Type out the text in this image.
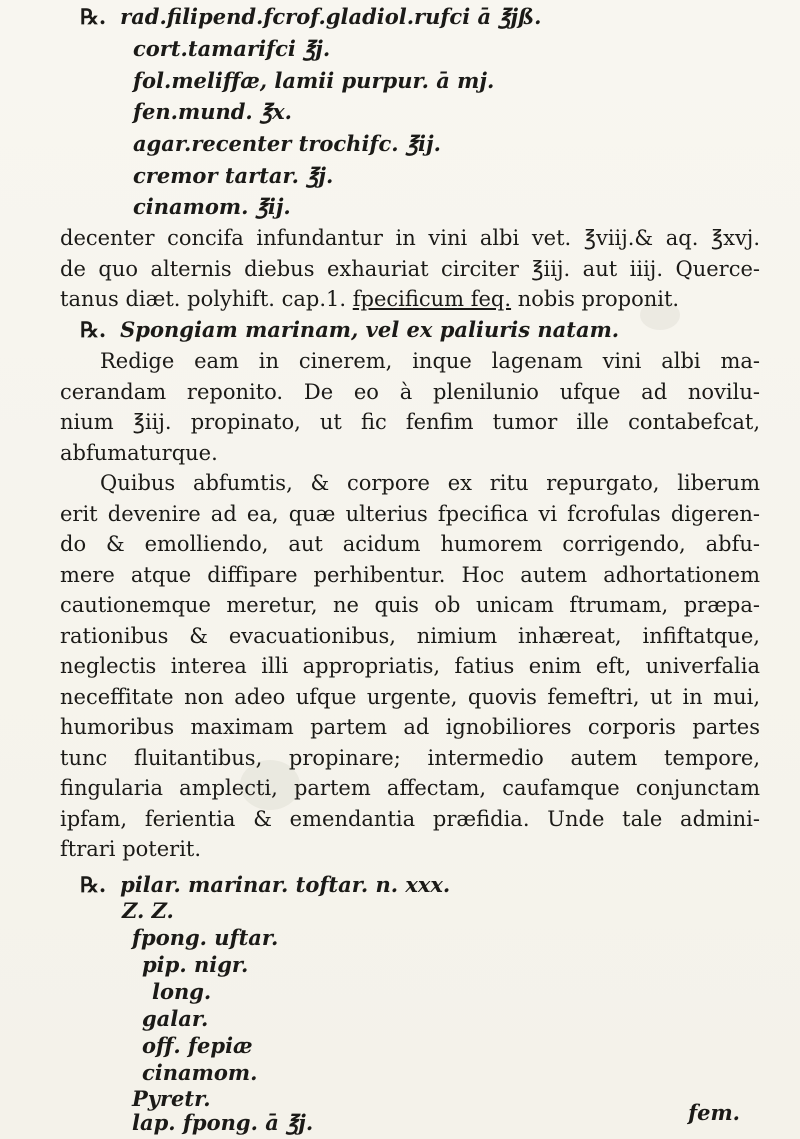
℞. rad.filipend.fcrof.gladiol.rufci ā ℥jß.
cort.tamarifci ℥j.
fol.meliffæ, lamii purpur. ā mj.
fen.mund. ℥x.
agar.recenter trochifc. ℥ij.
cremor tartar. ℥j.
cinamom. ℥ij.
decenter concifa infundantur in vini albi vet. ℥viij.& aq. ℥xvj.
de quo alternis diebus exhauriat circiter ℥iij. aut iiij. Querce-
tanus diæt. polyhift. cap.1. fpecificum feq. nobis proponit.
℞. Spongiam marinam, vel ex paliuris natam.
Redige eam in cinerem, inque lagenam vini albi ma-
cerandam reponito. De eo à plenilunio ufque ad novilu-
nium ℥iij. propinato, ut fic fenfim tumor ille contabefcat,
abfumaturque.
Quibus abfumtis, & corpore ex ritu repurgato, liberum
erit devenire ad ea, quæ ulterius fpecifica vi fcrofulas digeren-
do & emolliendo, aut acidum humorem corrigendo, abfu-
mere atque diffipare perhibentur. Hoc autem adhortationem
cautionemque meretur, ne quis ob unicam ftrumam, præpa-
rationibus & evacuationibus, nimium inhæreat, infiftatque,
neglectis interea illi appropriatis, fatius enim eft, univerfalia
neceffitate non adeo ufque urgente, quovis femeftri, ut in mui,
humoribus maximam partem ad ignobiliores corporis partes
tunc fluitantibus, propinare; intermedio autem tempore,
fingularia amplecti, partem affectam, caufamque conjunctam
ipfam, ferientia & emendantia præfidia. Unde tale admini-
ftrari poterit.
℞. pilar. marinar. toftar. n. xxx.
Z. Z.
fpong. uftar.
pip. nigr.
long.
galar.
off. fepiæ
cinamom.
Pyretr.
lap. fpong. ā ℥j.	fem.
